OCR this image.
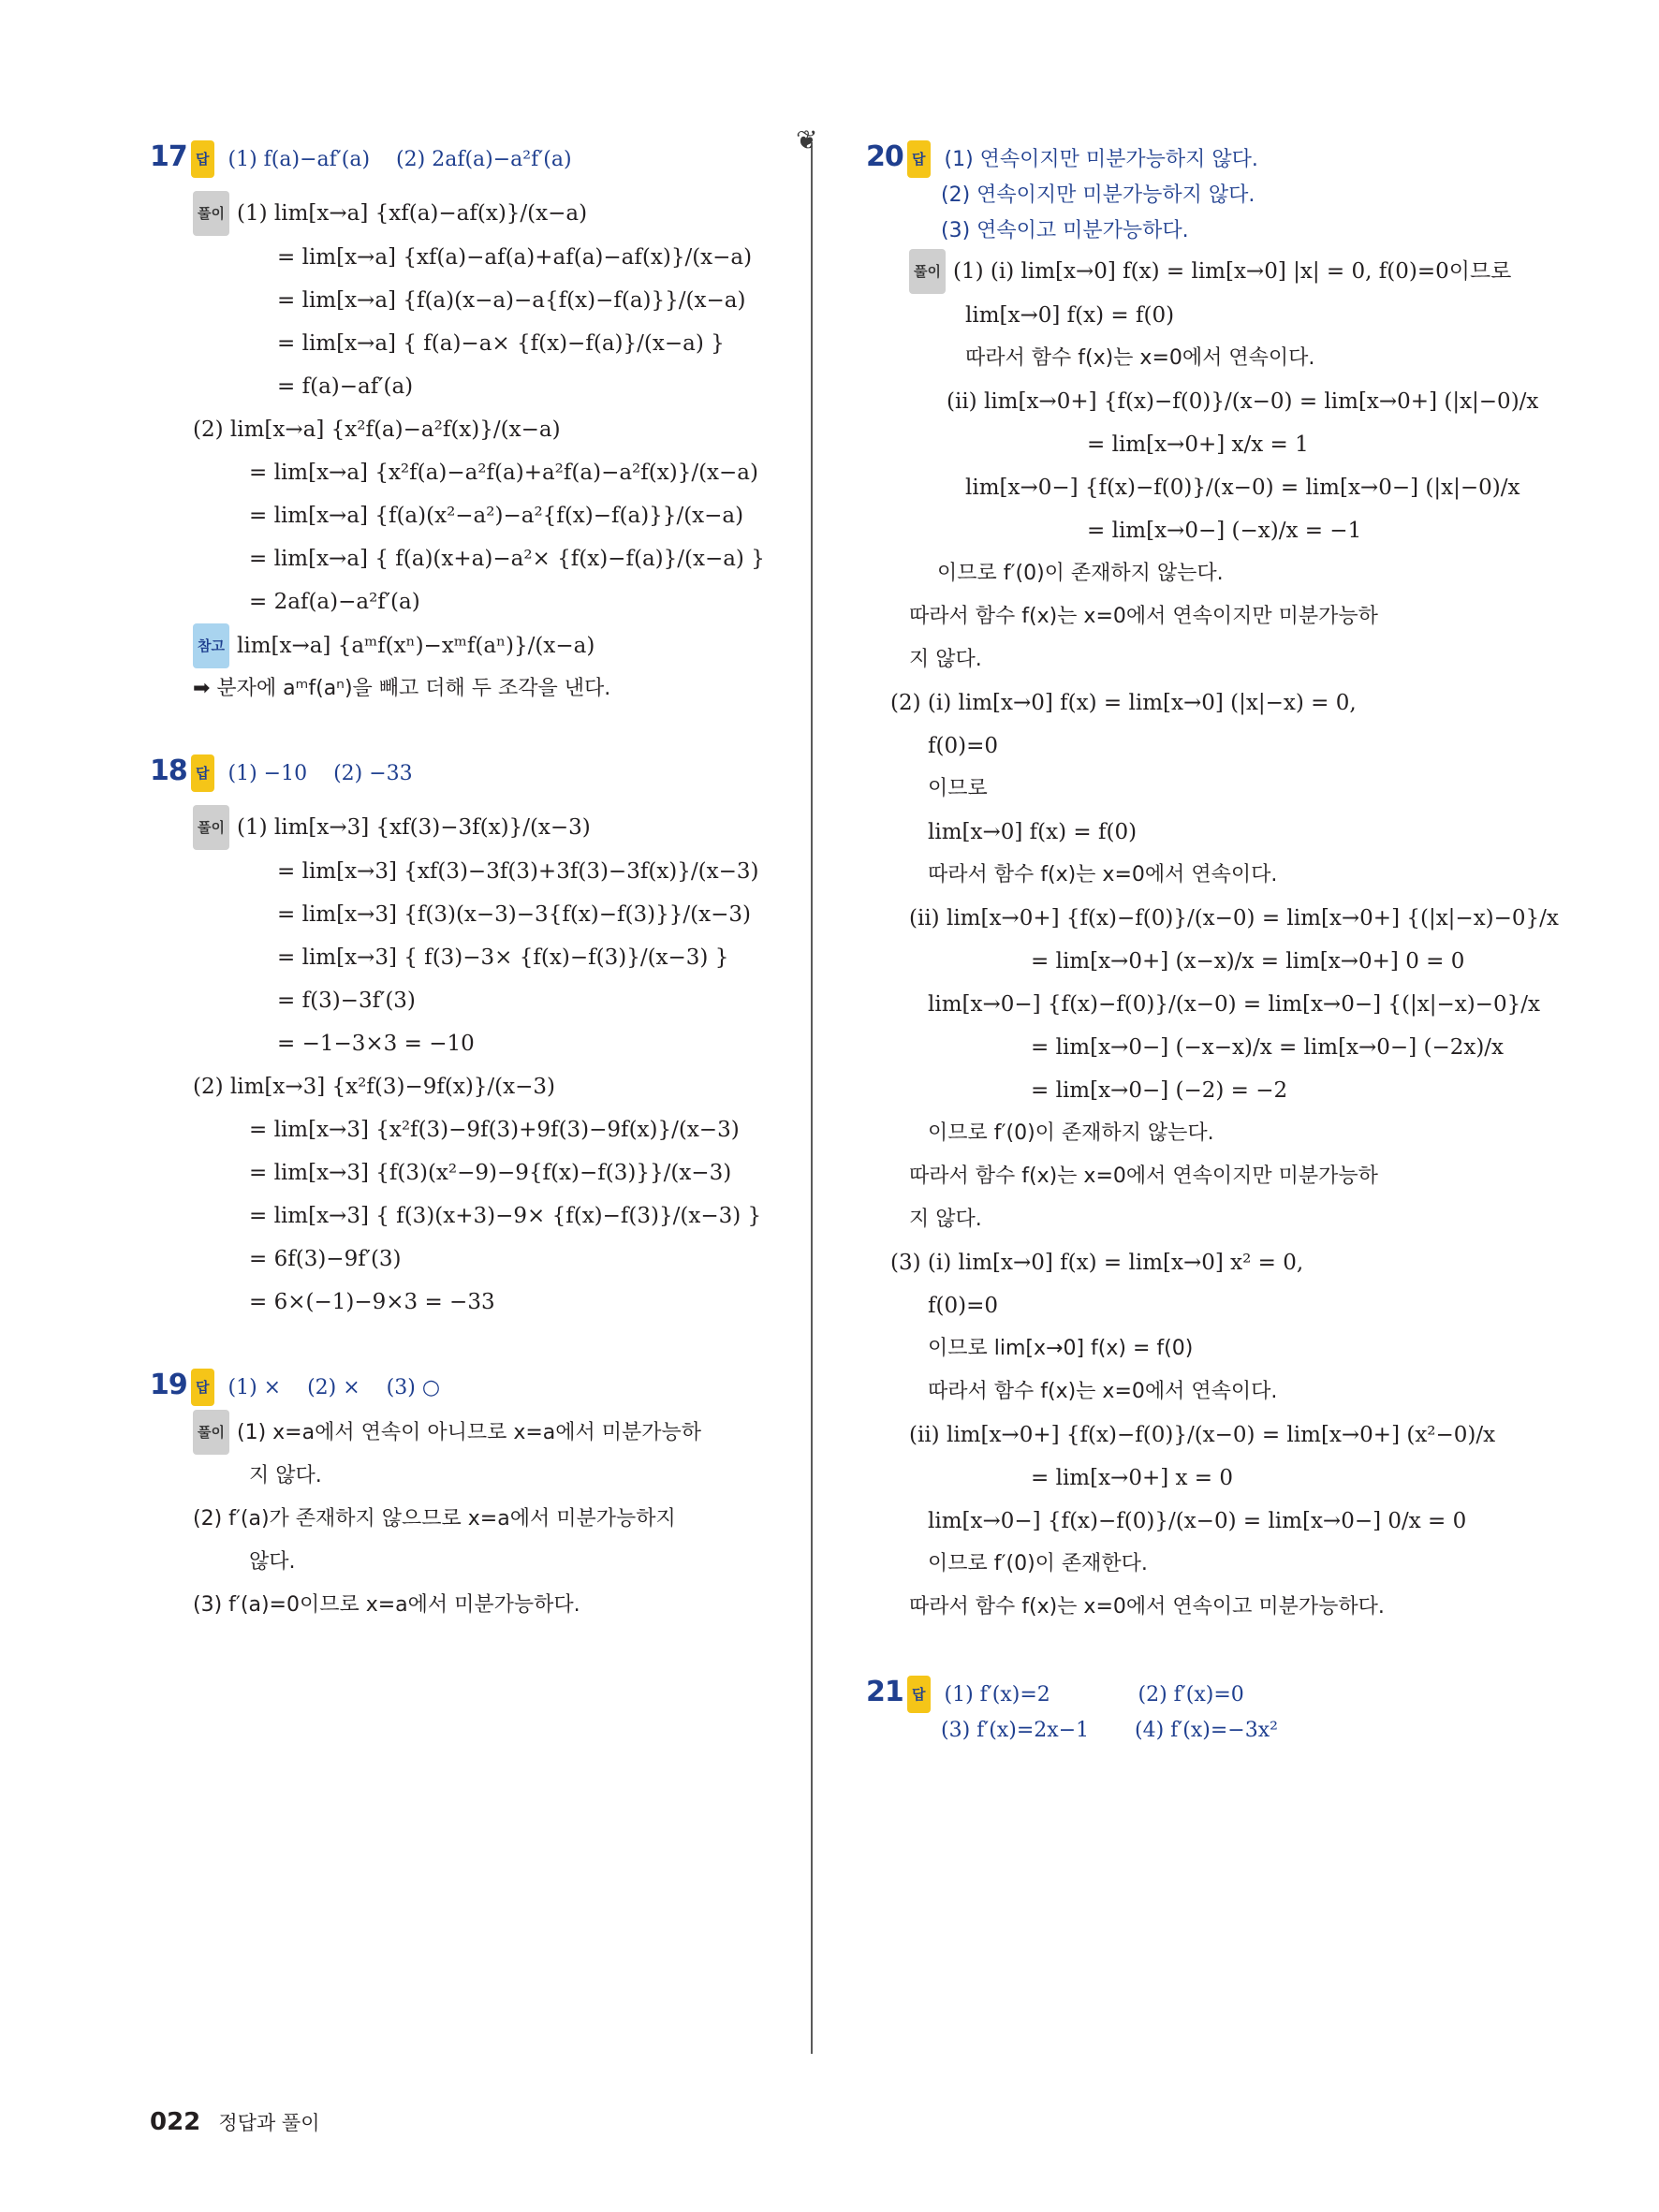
❦
17 답 (1) f(a)−af′(a) (2) 2af(a)−a²f′(a)
풀이 (1) lim[x→a] {xf(a)−af(x)}/(x−a)
= lim[x→a] {xf(a)−af(a)+af(a)−af(x)}/(x−a)
= lim[x→a] {f(a)(x−a)−a{f(x)−f(a)}}/(x−a)
= lim[x→a] { f(a)−a× {f(x)−f(a)}/(x−a) }
= f(a)−af′(a)
(2) lim[x→a] {x²f(a)−a²f(x)}/(x−a)
= lim[x→a] {x²f(a)−a²f(a)+a²f(a)−a²f(x)}/(x−a)
= lim[x→a] {f(a)(x²−a²)−a²{f(x)−f(a)}}/(x−a)
= lim[x→a] { f(a)(x+a)−a²× {f(x)−f(a)}/(x−a) }
= 2af(a)−a²f′(a)
참고 lim[x→a] {aᵐf(xⁿ)−xᵐf(aⁿ)}/(x−a)
➡ 분자에 aᵐf(aⁿ)을 빼고 더해 두 조각을 낸다.
18 답 (1) −10 (2) −33
풀이 (1) lim[x→3] {xf(3)−3f(x)}/(x−3)
= lim[x→3] {xf(3)−3f(3)+3f(3)−3f(x)}/(x−3)
= lim[x→3] {f(3)(x−3)−3{f(x)−f(3)}}/(x−3)
= lim[x→3] { f(3)−3× {f(x)−f(3)}/(x−3) }
= f(3)−3f′(3)
= −1−3×3 = −10
(2) lim[x→3] {x²f(3)−9f(x)}/(x−3)
= lim[x→3] {x²f(3)−9f(3)+9f(3)−9f(x)}/(x−3)
= lim[x→3] {f(3)(x²−9)−9{f(x)−f(3)}}/(x−3)
= lim[x→3] { f(3)(x+3)−9× {f(x)−f(3)}/(x−3) }
= 6f(3)−9f′(3)
= 6×(−1)−9×3 = −33
19 답 (1) × (2) × (3) ○
풀이 (1) x=a에서 연속이 아니므로 x=a에서 미분가능하
지 않다.
(2) f′(a)가 존재하지 않으므로 x=a에서 미분가능하지
않다.
(3) f′(a)=0이므로 x=a에서 미분가능하다.
20 답 (1) 연속이지만 미분가능하지 않다.
(2) 연속이지만 미분가능하지 않다.
(3) 연속이고 미분가능하다.
풀이 (1) (ⅰ) lim[x→0] f(x) = lim[x→0] |x| = 0, f(0)=0이므로
lim[x→0] f(x) = f(0)
따라서 함수 f(x)는 x=0에서 연속이다.
(ⅱ) lim[x→0+] {f(x)−f(0)}/(x−0) = lim[x→0+] (|x|−0)/x
= lim[x→0+] x/x = 1
lim[x→0−] {f(x)−f(0)}/(x−0) = lim[x→0−] (|x|−0)/x
= lim[x→0−] (−x)/x = −1
이므로 f′(0)이 존재하지 않는다.
따라서 함수 f(x)는 x=0에서 연속이지만 미분가능하
지 않다.
(2) (ⅰ) lim[x→0] f(x) = lim[x→0] (|x|−x) = 0,
f(0)=0
이므로
lim[x→0] f(x) = f(0)
따라서 함수 f(x)는 x=0에서 연속이다.
(ⅱ) lim[x→0+] {f(x)−f(0)}/(x−0) = lim[x→0+] {(|x|−x)−0}/x
= lim[x→0+] (x−x)/x = lim[x→0+] 0 = 0
lim[x→0−] {f(x)−f(0)}/(x−0) = lim[x→0−] {(|x|−x)−0}/x
= lim[x→0−] (−x−x)/x = lim[x→0−] (−2x)/x
= lim[x→0−] (−2) = −2
이므로 f′(0)이 존재하지 않는다.
따라서 함수 f(x)는 x=0에서 연속이지만 미분가능하
지 않다.
(3) (ⅰ) lim[x→0] f(x) = lim[x→0] x² = 0,
f(0)=0
이므로 lim[x→0] f(x) = f(0)
따라서 함수 f(x)는 x=0에서 연속이다.
(ⅱ) lim[x→0+] {f(x)−f(0)}/(x−0) = lim[x→0+] (x²−0)/x
= lim[x→0+] x = 0
lim[x→0−] {f(x)−f(0)}/(x−0) = lim[x→0−] 0/x = 0
이므로 f′(0)이 존재한다.
따라서 함수 f(x)는 x=0에서 연속이고 미분가능하다.
21 답 (1) f′(x)=2	(2) f′(x)=0
(3) f′(x)=2x−1 (4) f′(x)=−3x²
022 정답과 풀이
